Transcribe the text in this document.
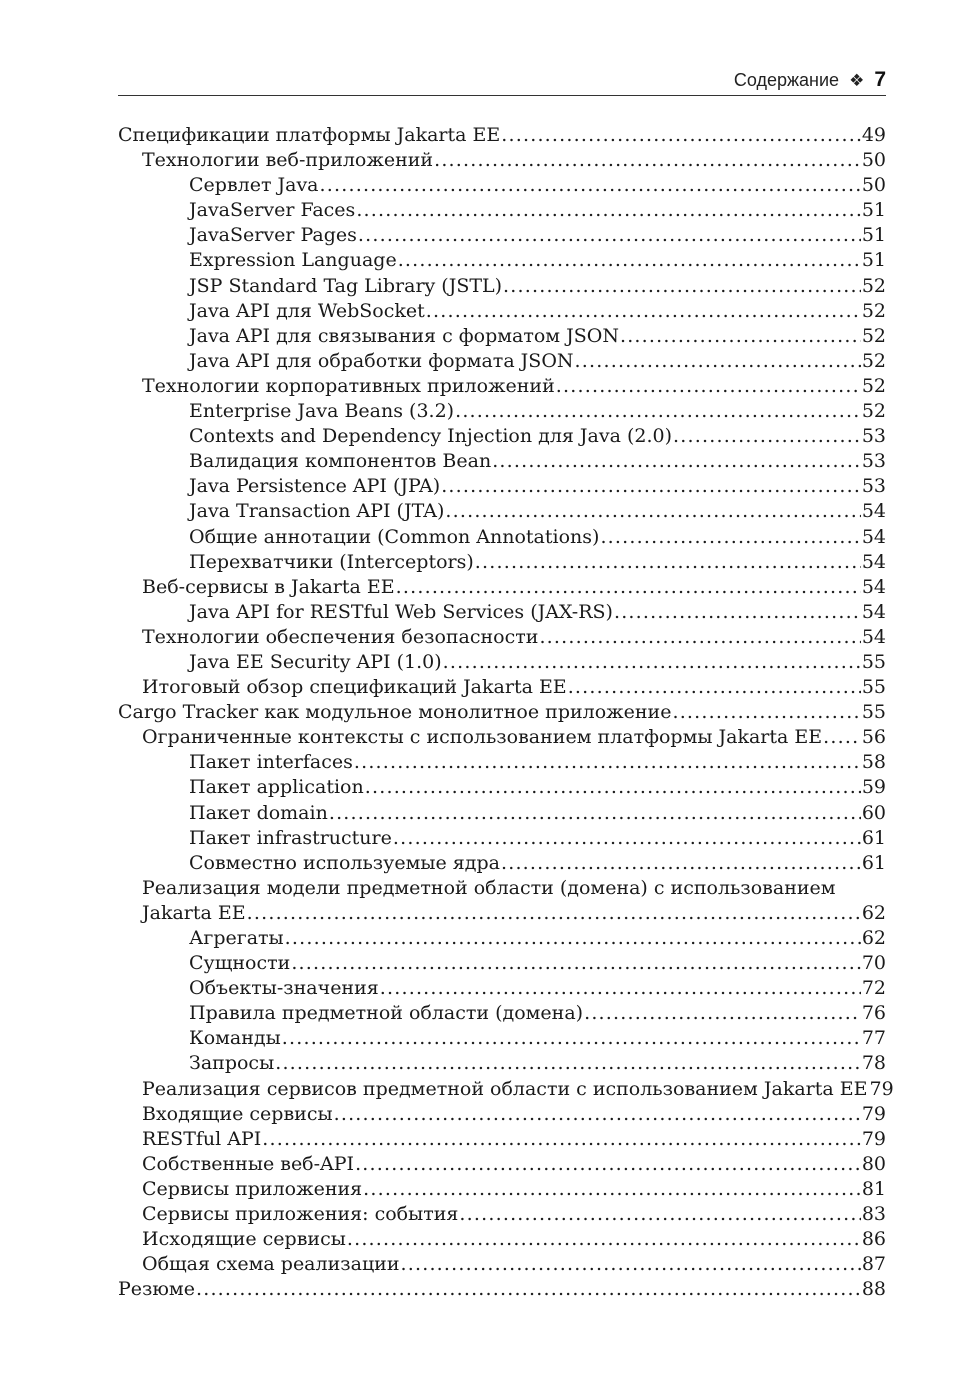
Содержание ❖ 7
Спецификации платформы Jakarta EE .....	49
Технологии веб-приложений .....	50
Сервлет Java .....	50
JavaServer Faces .....	51
JavaServer Pages .....	51
Expression Language .....	51
JSP Standard Tag Library (JSTL) .....	52
Java API для WebSocket .....	52
Java API для связывания с форматом JSON .....	52
Java API для обработки формата JSON .....	52
Технологии корпоративных приложений .....	52
Enterprise Java Beans (3.2) .....	52
Contexts and Dependency Injection для Java (2.0) .....	53
Валидация компонентов Bean .....	53
Java Persistence API (JPA) .....	53
Java Transaction API (JTA) .....	54
Общие аннотации (Common Annotations) .....	54
Перехватчики (Interceptors) .....	54
Веб-сервисы в Jakarta EE .....	54
Java API for RESTful Web Services (JAX-RS) .....	54
Технологии обеспечения безопасности .....	54
Java EE Security API (1.0) .....	55
Итоговый обзор спецификаций Jakarta EE .....	55
Cargo Tracker как модульное монолитное приложение .....	55
Ограниченные контексты с использованием платформы Jakarta EE ..... 56
Пакет interfaces .....	58
Пакет application .....	59
Пакет domain .....	60
Пакет infrastructure .....	61
Совместно используемые ядра .....	61
Реализация модели предметной области (домена) с использованием
Jakarta EE .....	62
Агрегаты .....	62
Сущности .....	70
Объекты-значения .....	72
Правила предметной области (домена) .....	76
Команды .....	77
Запросы .....	78
Реализация сервисов предметной области с использованием Jakarta EE 79
Входящие сервисы .....	79
RESTful API .....	79
Собственные веб-API .....	80
Сервисы приложения .....	81
Сервисы приложения: события .....	83
Исходящие сервисы .....	86
Общая схема реализации .....	87
Резюме .....	88
